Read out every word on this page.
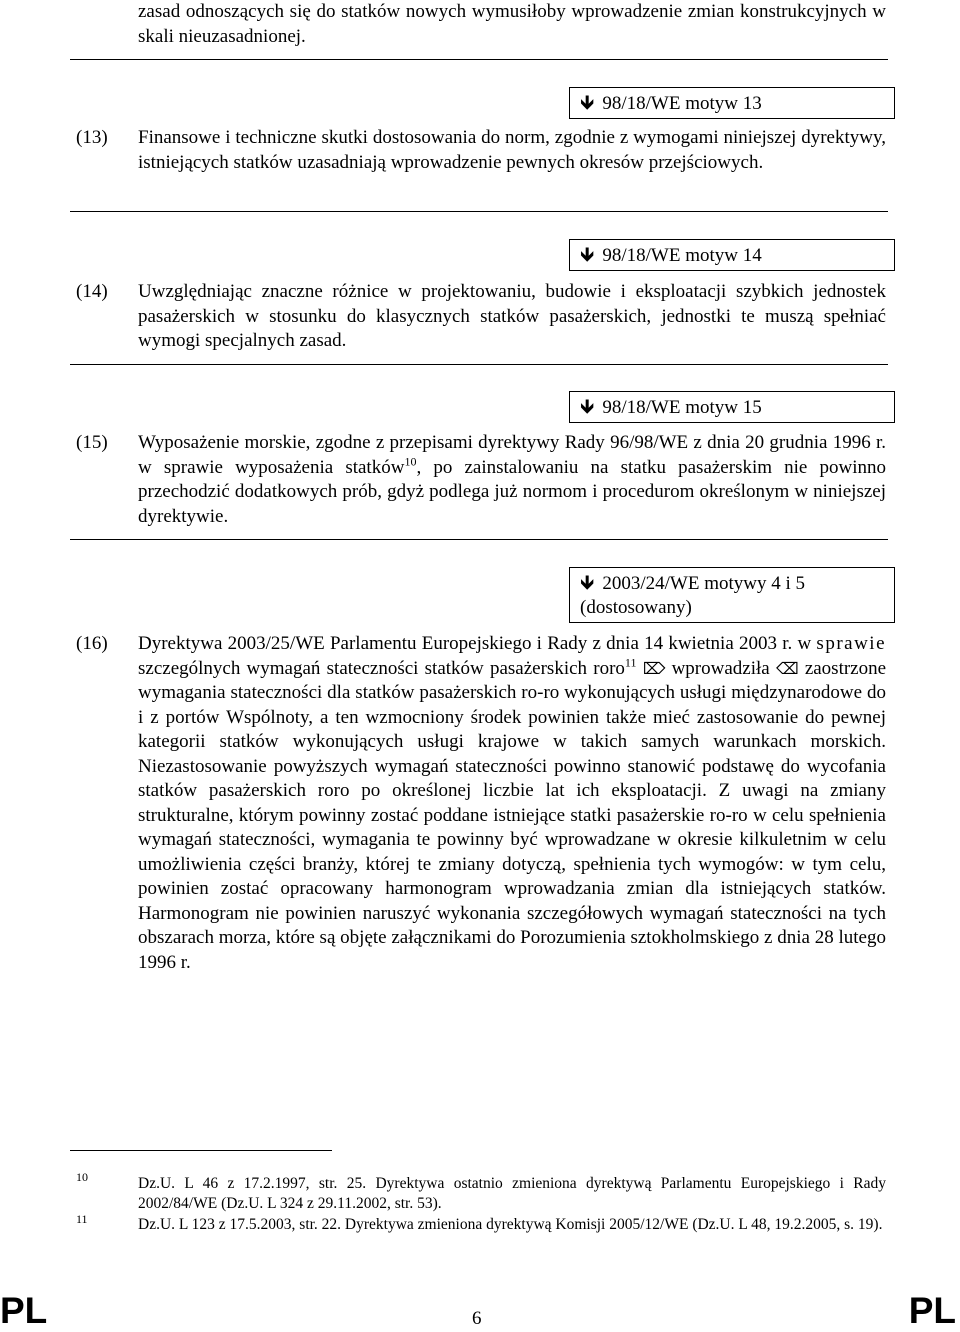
zasad odnoszących się do statków nowych wymusiłoby wprowadzenie zmian konstrukcyjnych w skali nieuzasadnionej.
🡻 98/18/WE motyw 13
(13) Finansowe i techniczne skutki dostosowania do norm, zgodnie z wymogami niniejszej dyrektywy, istniejących statków uzasadniają wprowadzenie pewnych okresów przejściowych.
🡻 98/18/WE motyw 14
(14) Uwzględniając znaczne różnice w projektowaniu, budowie i eksploatacji szybkich jednostek pasażerskich w stosunku do klasycznych statków pasażerskich, jednostki te muszą spełniać wymogi specjalnych zasad.
🡻 98/18/WE motyw 15
(15) Wyposażenie morskie, zgodne z przepisami dyrektywy Rady 96/98/WE z dnia 20 grudnia 1996 r. w sprawie wyposażenia statków$^{10}$, po zainstalowaniu na statku pasażerskim nie powinno przechodzić dodatkowych prób, gdyż podlega już normom i procedurom określonym w niniejszej dyrektywie.
🡻 2003/24/WE motywy 4 i 5 (dostosowany)
(16) Dyrektywa 2003/25/WE Parlamentu Europejskiego i Rady z dnia 14 kwietnia 2003 r. w sprawie szczególnych wymagań stateczności statków pasażerskich roro$^{11}$ ⌦ wprowadziła ⌫ zaostrzone wymagania stateczności dla statków pasażerskich ro-ro wykonujących usługi międzynarodowe do i z portów Wspólnoty, a ten wzmocniony środek powinien także mieć zastosowanie do pewnej kategorii statków wykonujących usługi krajowe w takich samych warunkach morskich. Niezastosowanie powyższych wymagań stateczności powinno stanowić podstawę do wycofania statków pasażerskich roro po określonej liczbie lat ich eksploatacji. Z uwagi na zmiany strukturalne, którym powinny zostać poddane istniejące statki pasażerskie ro-ro w celu spełnienia wymagań stateczności, wymagania te powinny być wprowadzane w okresie kilkuletnim w celu umożliwienia części branży, której te zmiany dotyczą, spełnienia tych wymogów: w tym celu, powinien zostać opracowany harmonogram wprowadzania zmian dla istniejących statków. Harmonogram nie powinien naruszyć wykonania szczegółowych wymagań stateczności na tych obszarach morza, które są objęte załącznikami do Porozumienia sztokholmskiego z dnia 28 lutego 1996 r.
10	Dz.U. L 46 z 17.2.1997, str. 25. Dyrektywa ostatnio zmieniona dyrektywą Parlamentu Europejskiego i Rady 2002/84/WE (Dz.U. L 324 z 29.11.2002, str. 53).
11	Dz.U. L 123 z 17.5.2003, str. 22. Dyrektywa zmieniona dyrektywą Komisji 2005/12/WE (Dz.U. L 48, 19.2.2005, s. 19).
PL	6	PL
